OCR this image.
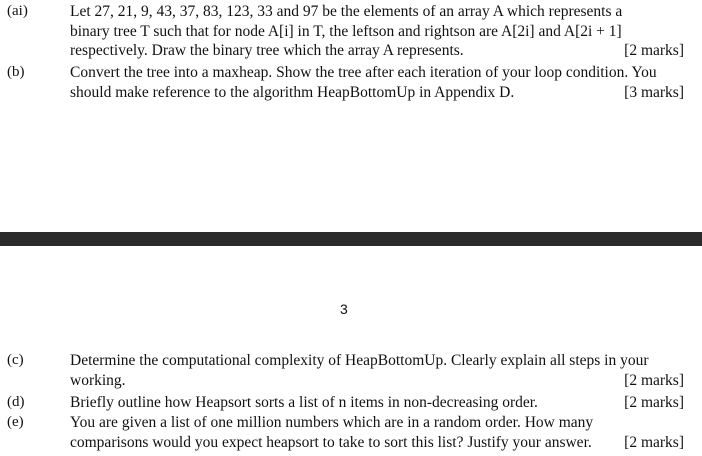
(ai)	Let 27, 21, 9, 43, 37, 83, 123, 33 and 97 be the elements of an array A which represents a
binary tree T such that for node A[i] in T, the leftson and rightson are A[2i] and A[2i + 1]
respectively. Draw the binary tree which the array A represents.	[2 marks]
(b)	Convert the tree into a maxheap. Show the tree after each iteration of your loop condition. You
should make reference to the algorithm HeapBottomUp in Appendix D.	[3 marks]
3
(c)	Determine the computational complexity of HeapBottomUp. Clearly explain all steps in your
working.	[2 marks]
(d)	Briefly outline how Heapsort sorts a list of n items in non-decreasing order.	[2 marks]
(e)	You are given a list of one million numbers which are in a random order. How many
comparisons would you expect heapsort to take to sort this list? Justify your answer. [2 marks]
